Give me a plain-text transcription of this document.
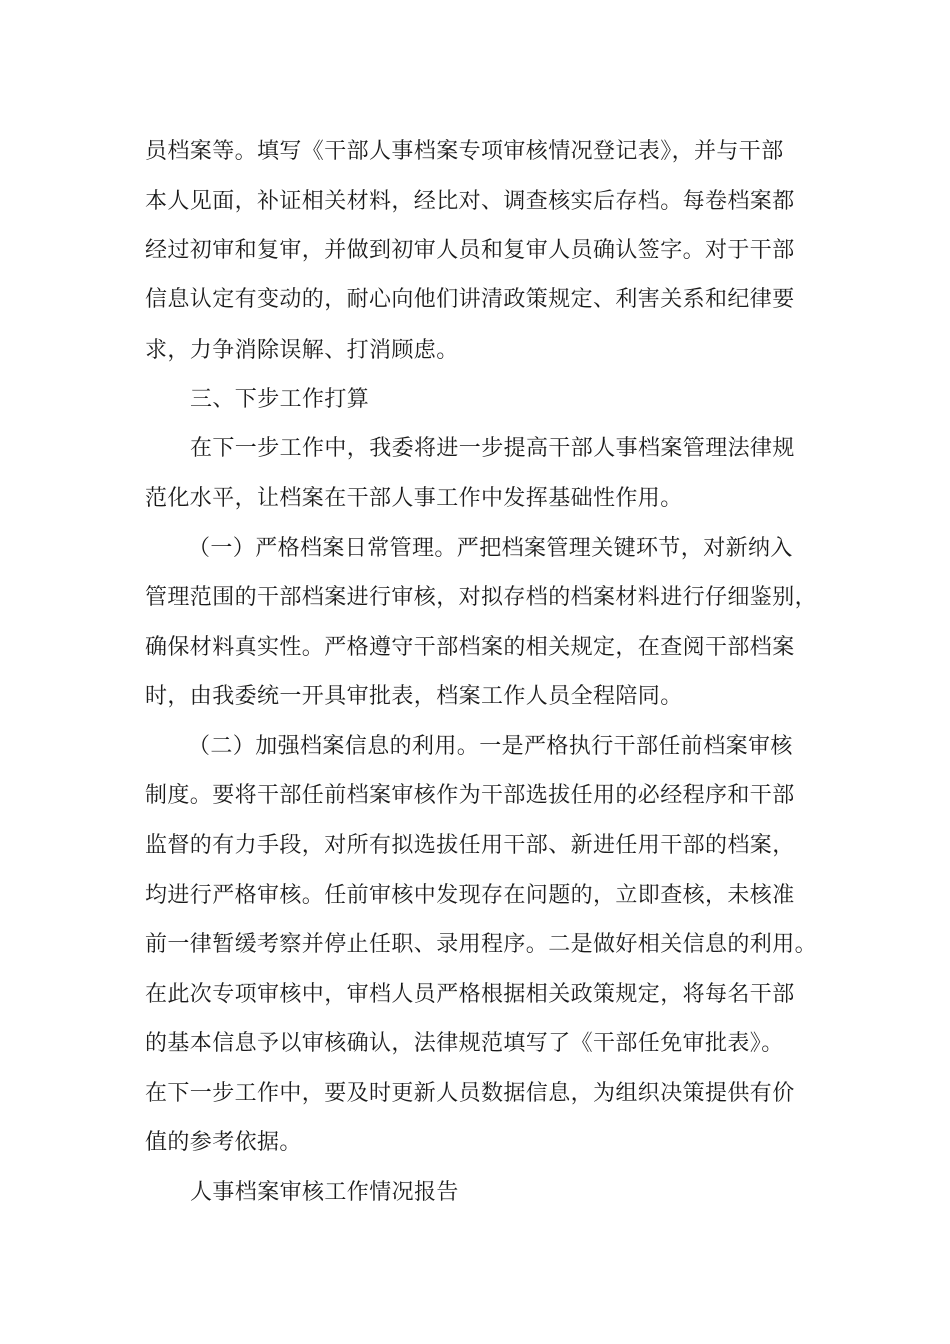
员档案等。填写《干部人事档案专项审核情况登记表》，并与干部
本人见面，补证相关材料，经比对、调查核实后存档。每卷档案都
经过初审和复审，并做到初审人员和复审人员确认签字。对于干部
信息认定有变动的，耐心向他们讲清政策规定、利害关系和纪律要
求，力争消除误解、打消顾虑。
三、下步工作打算
在下一步工作中，我委将进一步提高干部人事档案管理法律规
范化水平，让档案在干部人事工作中发挥基础性作用。
（一）严格档案日常管理。严把档案管理关键环节，对新纳入
管理范围的干部档案进行审核，对拟存档的档案材料进行仔细鉴别，
确保材料真实性。严格遵守干部档案的相关规定，在查阅干部档案
时，由我委统一开具审批表，档案工作人员全程陪同。
（二）加强档案信息的利用。一是严格执行干部任前档案审核
制度。要将干部任前档案审核作为干部选拔任用的必经程序和干部
监督的有力手段，对所有拟选拔任用干部、新进任用干部的档案，
均进行严格审核。任前审核中发现存在问题的，立即查核，未核准
前一律暂缓考察并停止任职、录用程序。二是做好相关信息的利用。
在此次专项审核中，审档人员严格根据相关政策规定，将每名干部
的基本信息予以审核确认，法律规范填写了《干部任免审批表》。
在下一步工作中，要及时更新人员数据信息，为组织决策提供有价
值的参考依据。
人事档案审核工作情况报告
